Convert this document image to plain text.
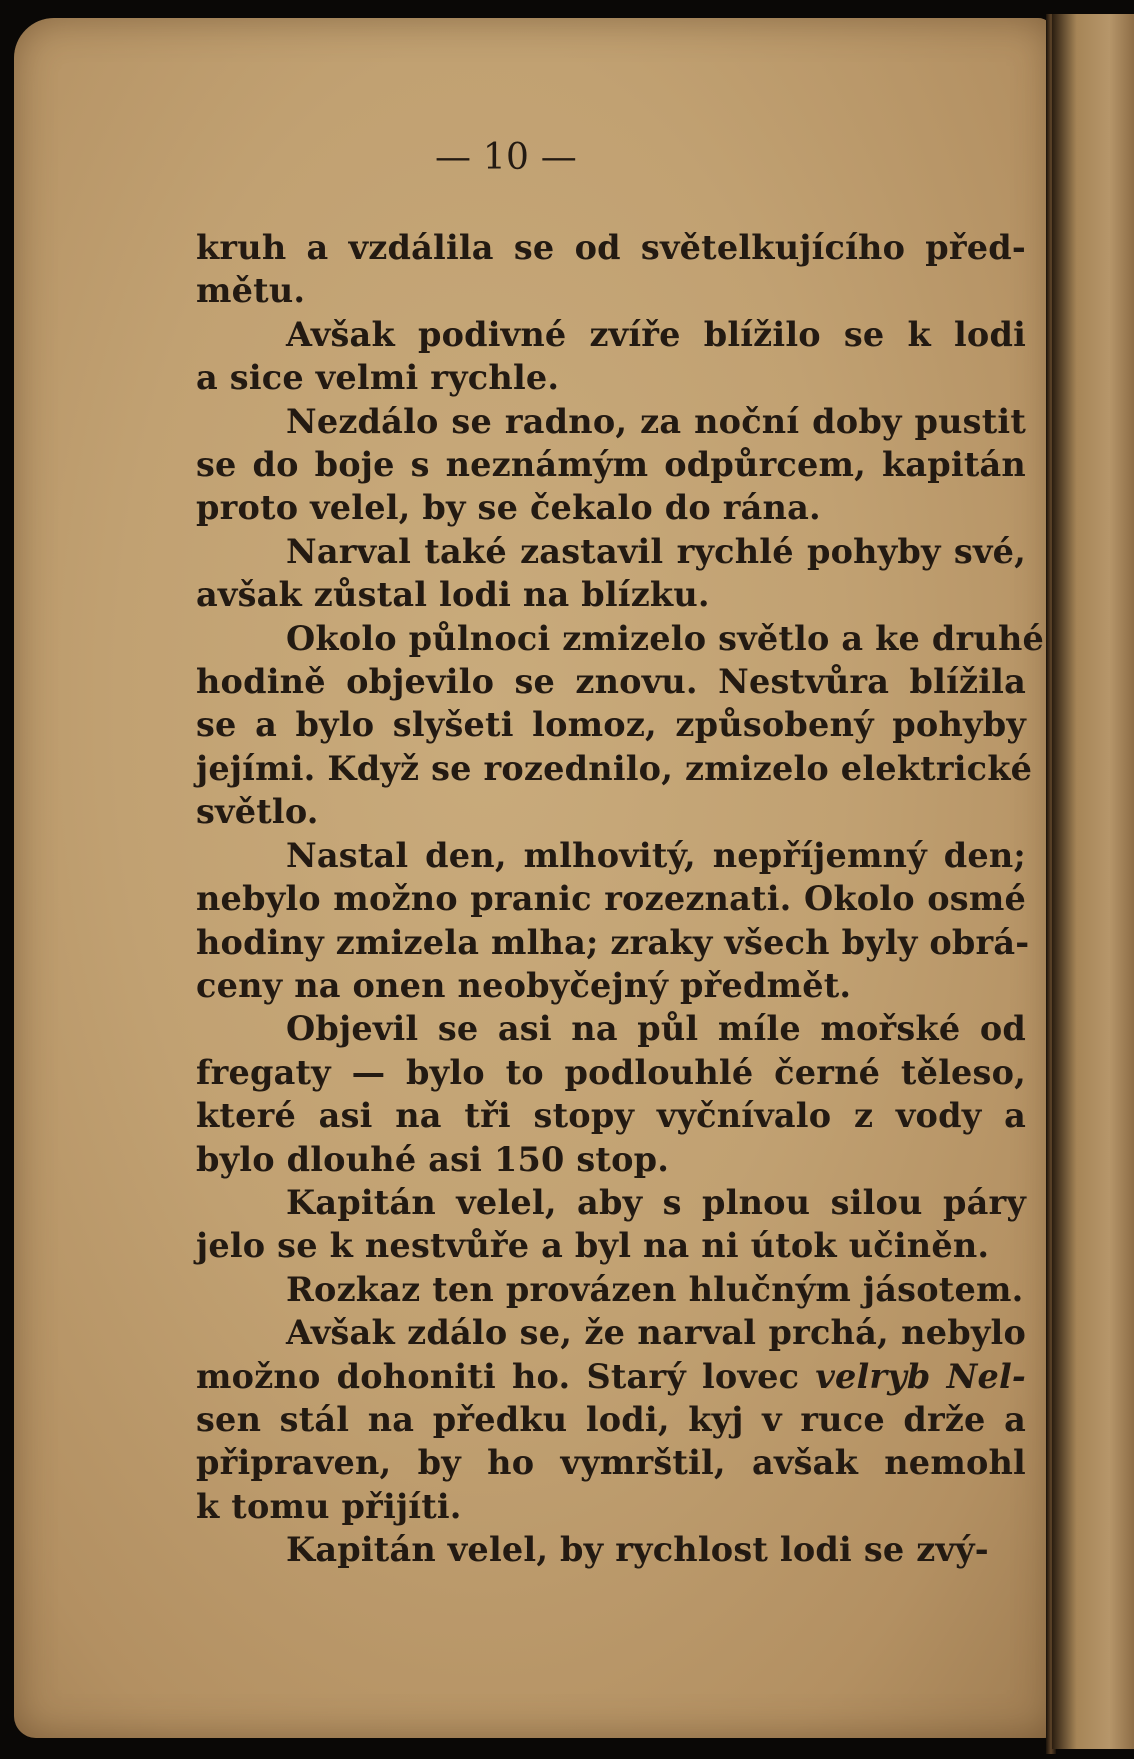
— 10 —
kruh a vzdálila se od světelkujícího před-
mětu.
Avšak podivné zvíře blížilo se k lodi
a sice velmi rychle.
Nezdálo se radno, za noční doby pustit
se do boje s neznámým odpůrcem, kapitán
proto velel, by se čekalo do rána.
Narval také zastavil rychlé pohyby své,
avšak zůstal lodi na blízku.
Okolo půlnoci zmizelo světlo a ke druhé
hodině objevilo se znovu. Nestvůra blížila
se a bylo slyšeti lomoz, způsobený pohyby
jejími. Když se rozednilo, zmizelo elektrické
světlo.
Nastal den, mlhovitý, nepříjemný den;
nebylo možno pranic rozeznati. Okolo osmé
hodiny zmizela mlha; zraky všech byly obrá-
ceny na onen neobyčejný předmět.
Objevil se asi na půl míle mořské od
fregaty — bylo to podlouhlé černé těleso,
které asi na tři stopy vyčnívalo z vody a
bylo dlouhé asi 150 stop.
Kapitán velel, aby s plnou silou páry
jelo se k nestvůře a byl na ni útok učiněn.
Rozkaz ten provázen hlučným jásotem.
Avšak zdálo se, že narval prchá, nebylo
možno dohoniti ho. Starý lovec velryb Nel-
sen stál na předku lodi, kyj v ruce drže a
připraven, by ho vymrštil, avšak nemohl
k tomu přijíti.
Kapitán velel, by rychlost lodi se zvý-
